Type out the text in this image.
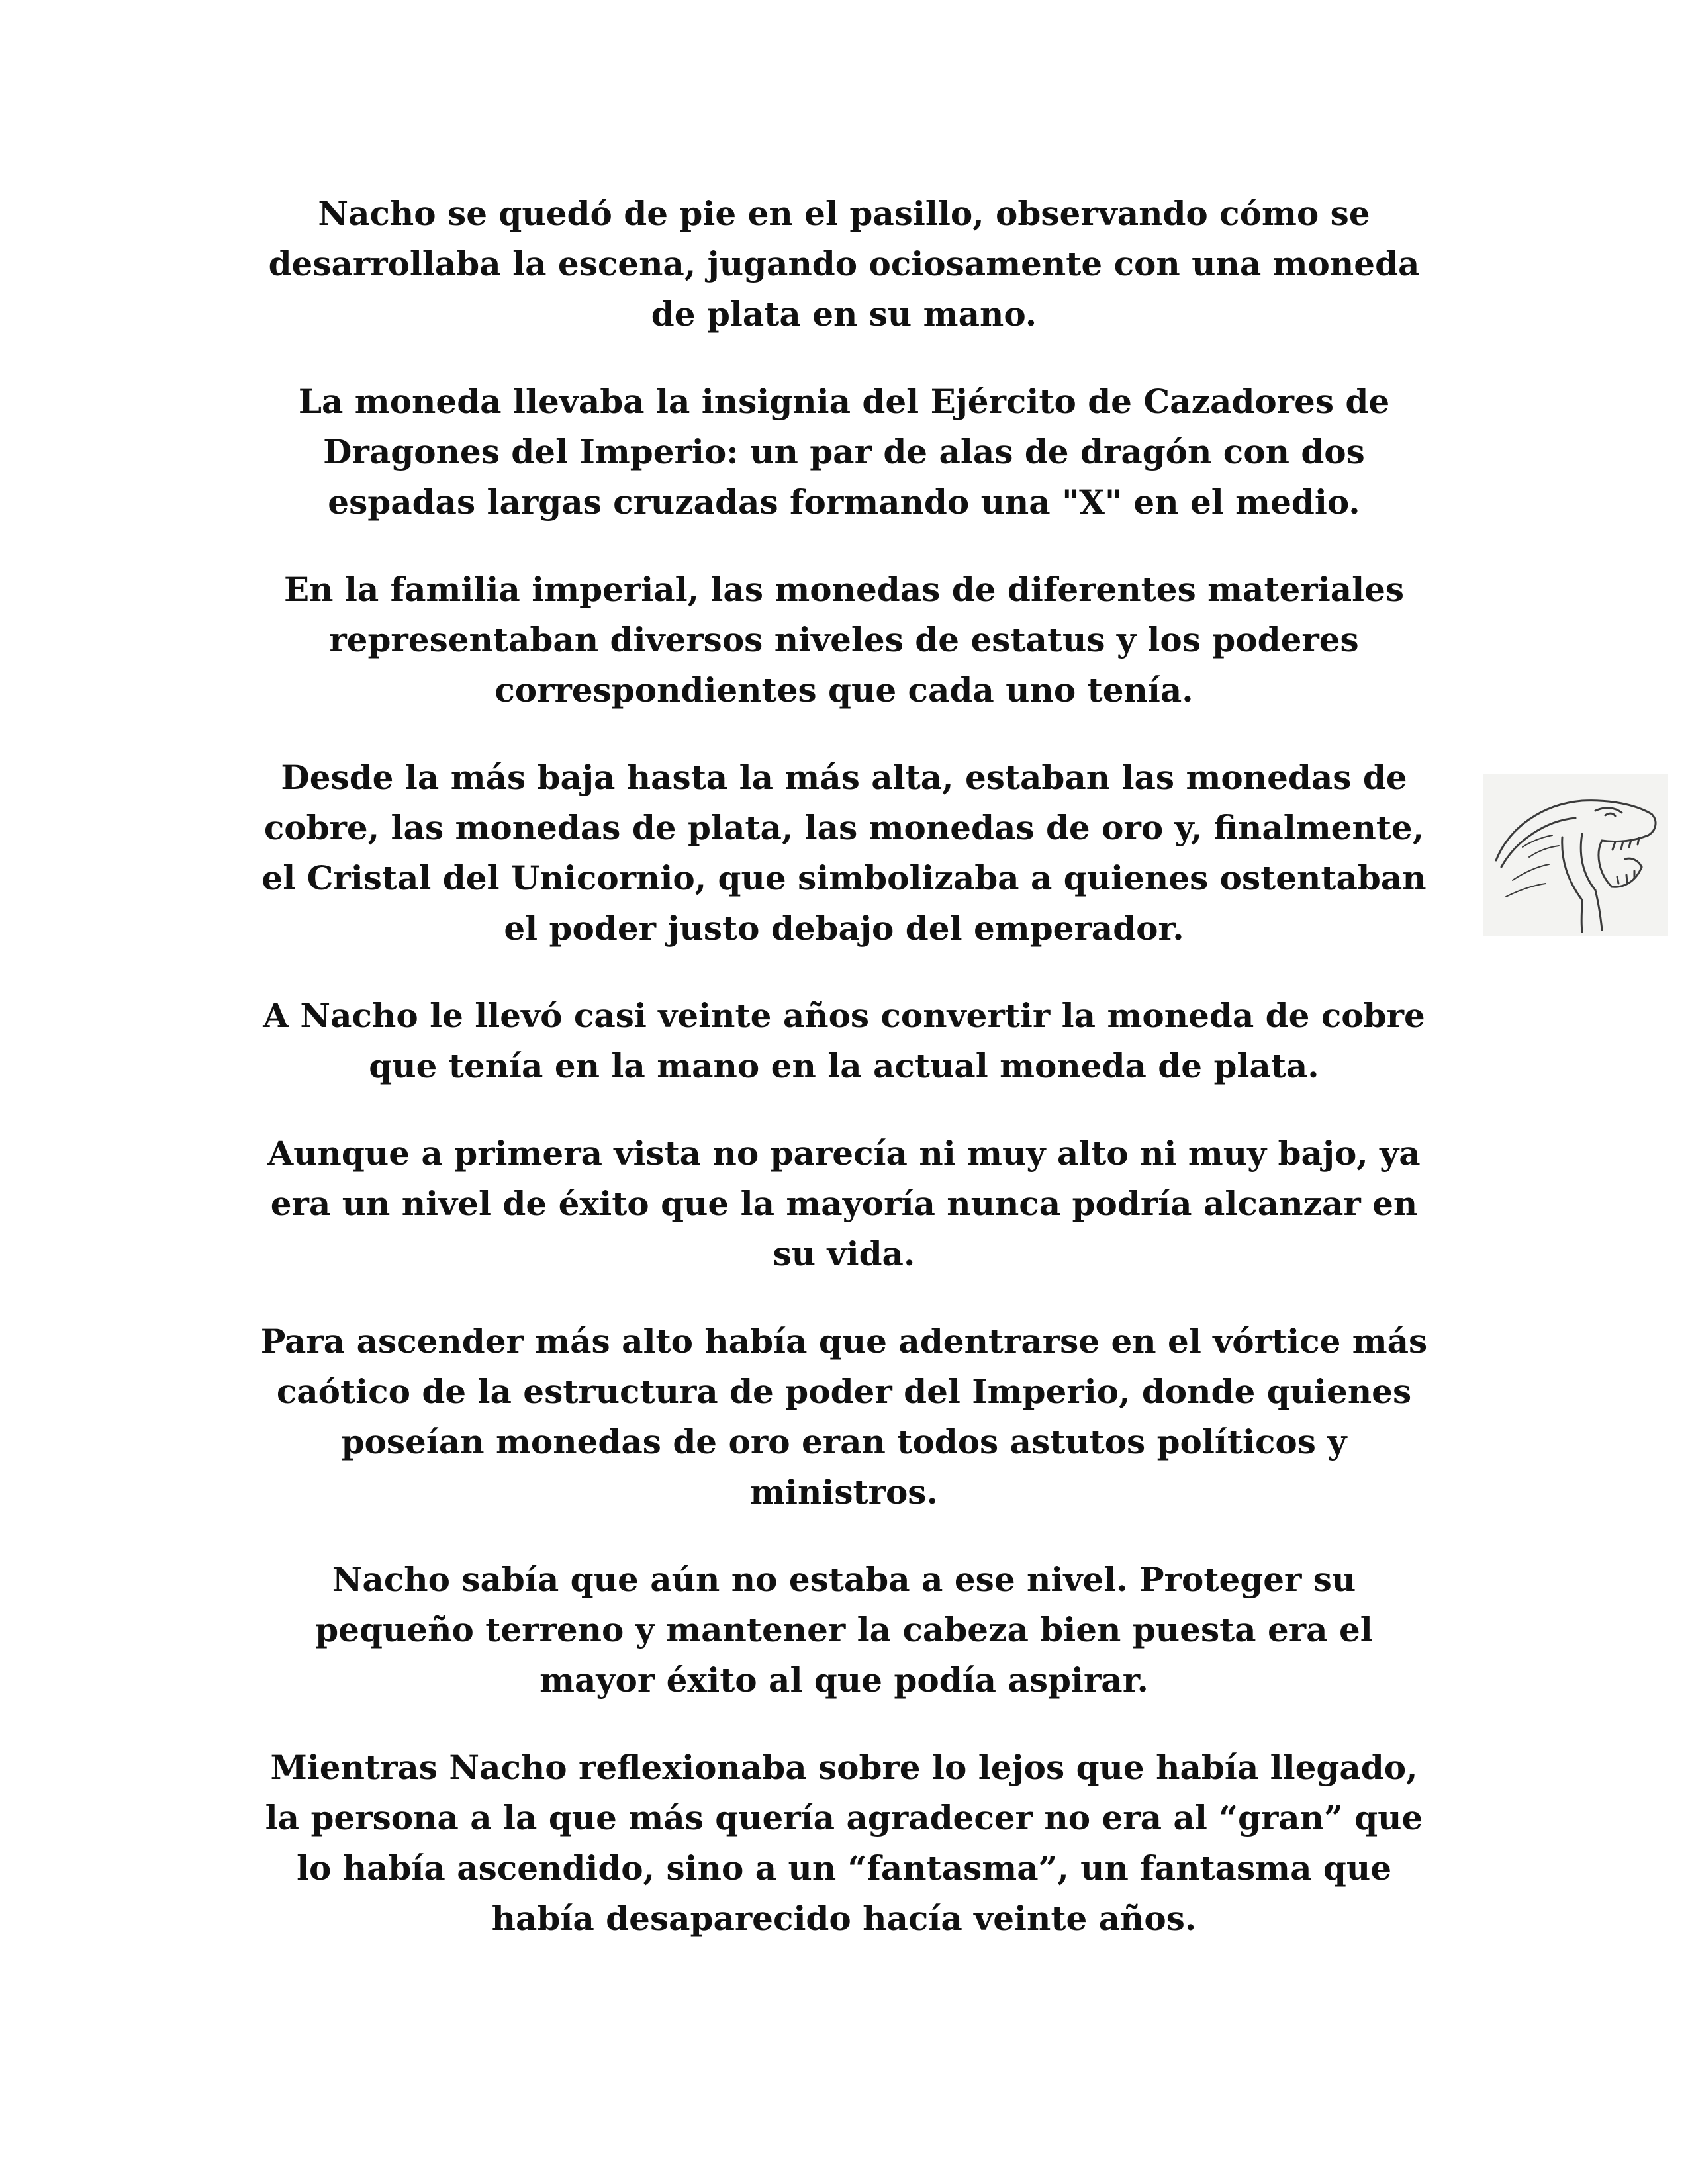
Nacho se quedó de pie en el pasillo, observando cómo se
desarrollaba la escena, jugando ociosamente con una moneda
de plata en su mano.

La moneda llevaba la insignia del Ejército de Cazadores de
Dragones del Imperio: un par de alas de dragón con dos
espadas largas cruzadas formando una "X" en el medio.

En la familia imperial, las monedas de diferentes materiales
representaban diversos niveles de estatus y los poderes
correspondientes que cada uno tenía.

Desde la más baja hasta la más alta, estaban las monedas de
cobre, las monedas de plata, las monedas de oro y, finalmente,
el Cristal del Unicornio, que simbolizaba a quienes ostentaban
el poder justo debajo del emperador.

A Nacho le llevó casi veinte años convertir la moneda de cobre
que tenía en la mano en la actual moneda de plata.

Aunque a primera vista no parecía ni muy alto ni muy bajo, ya
era un nivel de éxito que la mayoría nunca podría alcanzar en
su vida.

Para ascender más alto había que adentrarse en el vórtice más
caótico de la estructura de poder del Imperio, donde quienes
poseían monedas de oro eran todos astutos políticos y
ministros.

Nacho sabía que aún no estaba a ese nivel. Proteger su
pequeño terreno y mantener la cabeza bien puesta era el
mayor éxito al que podía aspirar.

Mientras Nacho reflexionaba sobre lo lejos que había llegado,
la persona a la que más quería agradecer no era al “gran” que
lo había ascendido, sino a un “fantasma”, un fantasma que
había desaparecido hacía veinte años.
